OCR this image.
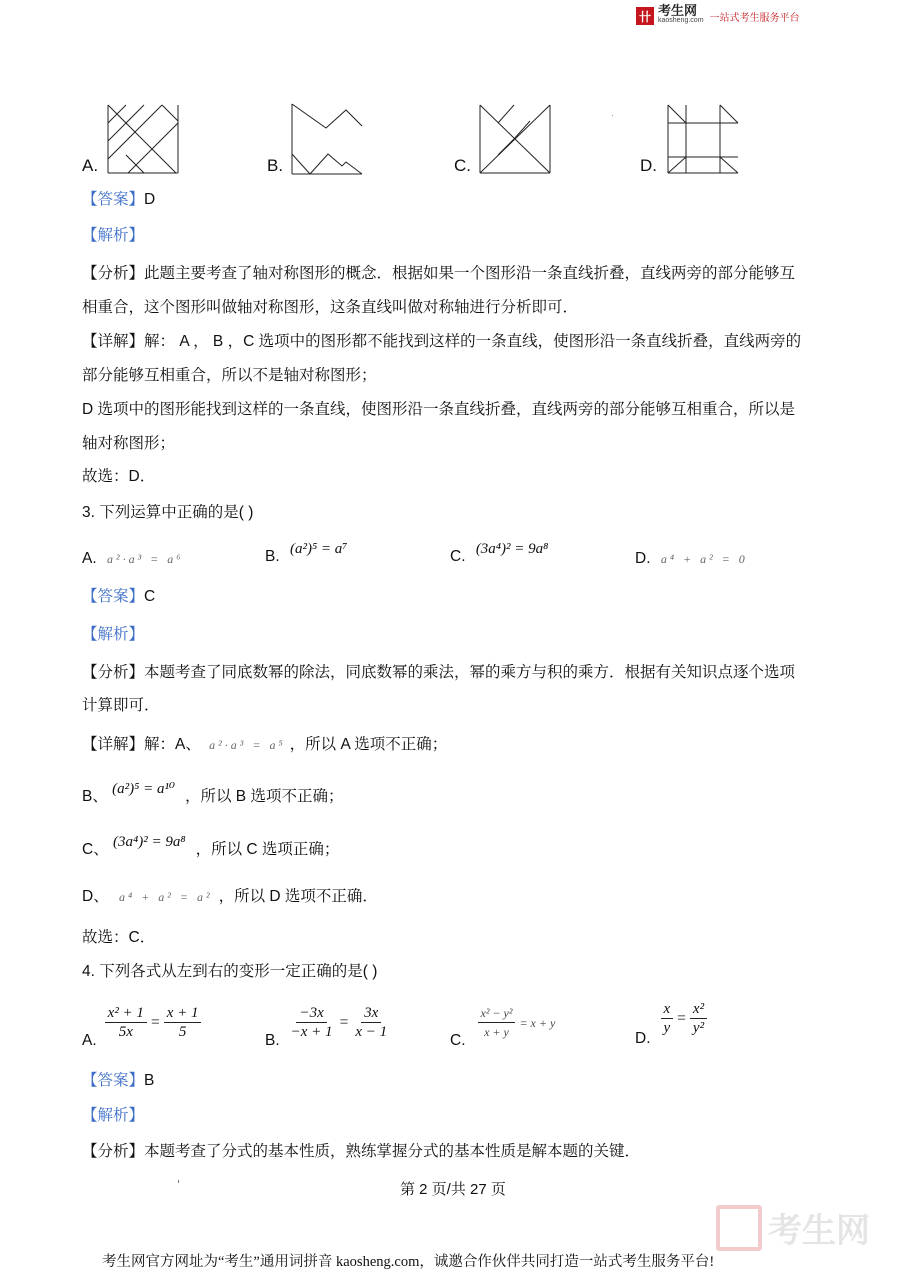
卄 考生网
kaosheng.com 一站式考生服务平台
A.	B.	C.	D.
【答案】D
【解析】
【分析】此题主要考查了轴对称图形的概念．根据如果一个图形沿一条直线折叠，直线两旁的部分能够互
相重合，这个图形叫做轴对称图形，这条直线叫做对称轴进行分析即可．
【详解】解： A ， B ，C 选项中的图形都不能找到这样的一条直线，使图形沿一条直线折叠，直线两旁的
部分能够互相重合，所以不是轴对称图形；
D 选项中的图形能找到这样的一条直线，使图形沿一条直线折叠，直线两旁的部分能够互相重合，所以是
轴对称图形；
故选：D．
3. 下列运算中正确的是( )
A. a²·a³ = a⁶	B. (a²)⁵ = a⁷	C. (3a⁴)² = 9a⁸
D. a⁴ + a² = 0
【答案】C
【解析】
【分析】本题考查了同底数幂的除法，同底数幂的乘法，幂的乘方与积的乘方．根据有关知识点逐个选项
计算即可．
【详解】解：A、 a²·a³ = a⁵ ，所以 A 选项不正确；
B、 (a²)⁵ = a¹⁰ ，所以 B 选项不正确；
C、 (3a⁴)² = 9a⁸ ，所以 C 选项正确；
D、 a⁴ + a² = a² ，所以 D 选项不正确．
故选：C．
4. 下列各式从左到右的变形一定正确的是( )
A. $\frac{\text{x² + 1}}{5x} = \frac{x + 1}{5}$	B. $\frac{-3x}{-x + 1} = \frac{3x}{x - 1}$	C. $\frac{\text{x² − y²}}{x + y} = x + y$
D.
$\frac{x}{y} = \frac{\text{x²}}{\text{y²}}$
【答案】B
【解析】
【分析】本题考查了分式的基本性质，熟练掌握分式的基本性质是解本题的关键．
第 2 页/共 27 页
考生网
考生网官方网址为“考生”通用词拼音 kaosheng.com，诚邀合作伙伴共同打造一站式考生服务平台!
